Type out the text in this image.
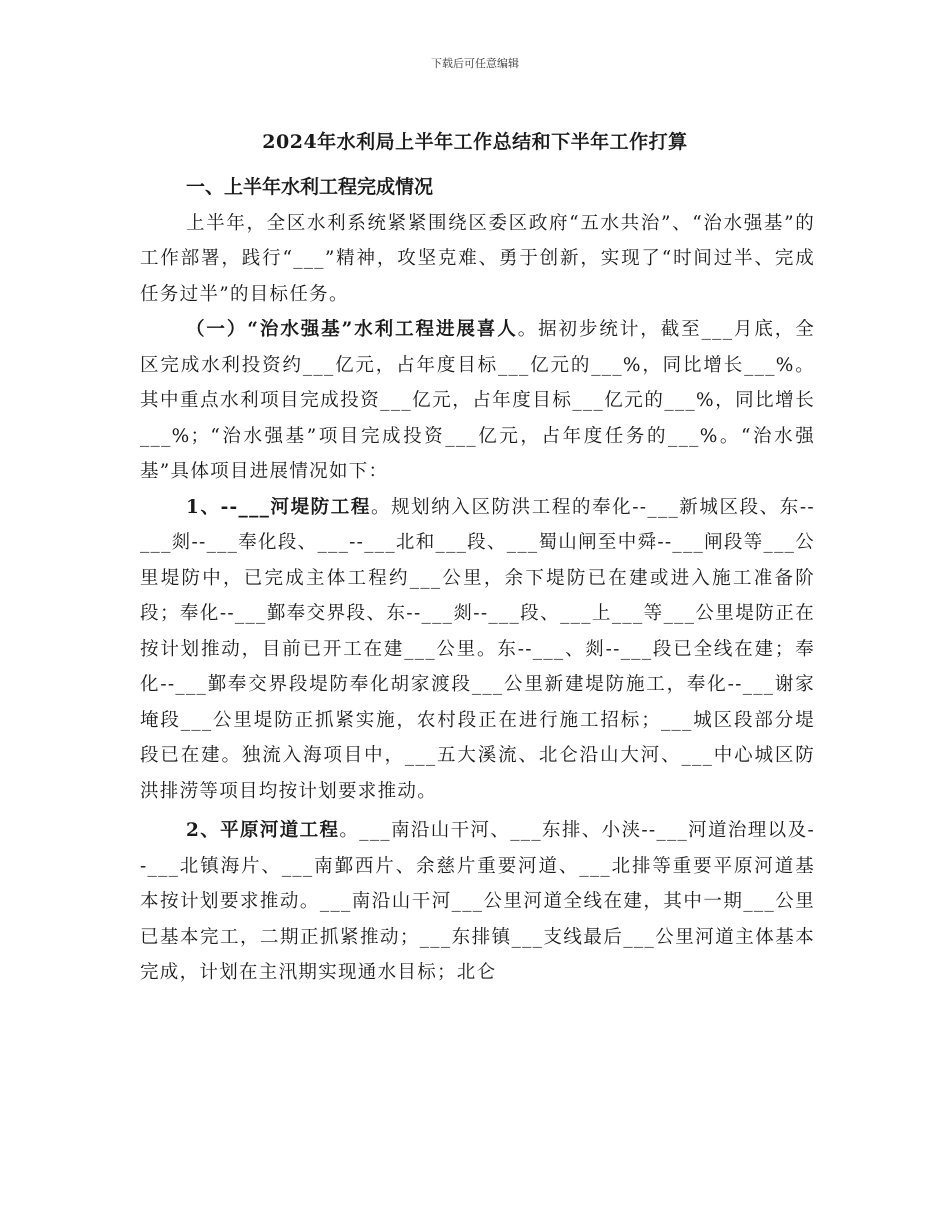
下载后可任意编辑
2024年水利局上半年工作总结和下半年工作打算

一、上半年水利工程完成情况

上半年，全区水利系统紧紧围绕区委区政府“五水共治”、“治水强基”的工作部署，践行“___”精神，攻坚克难、勇于创新，实现了“时间过半、完成任务过半”的目标任务。

（一）“治水强基”水利工程进展喜人。据初步统计，截至___月底，全区完成水利投资约___亿元，占年度目标___亿元的___%，同比增长___%。其中重点水利项目完成投资___亿元，占年度目标___亿元的___%，同比增长___%；“治水强基”项目完成投资___亿元，占年度任务的___%。“治水强基”具体项目进展情况如下：

1、--___河堤防工程。规划纳入区防洪工程的奉化--___新城区段、东--___剡--___奉化段、___--___北和___段、___蜀山闸至中舜--___闸段等___公里堤防中，已完成主体工程约___公里，余下堤防已在建或进入施工准备阶段；奉化--___鄞奉交界段、东--___剡--___段、___上___等___公里堤防正在按计划推动，目前已开工在建___公里。东--___、剡--___段已全线在建；奉化--___鄞奉交界段堤防奉化胡家渡段___公里新建堤防施工，奉化--___谢家埯段___公里堤防正抓紧实施，农村段正在进行施工招标；___城区段部分堤段已在建。独流入海项目中，___五大溪流、北仑沿山大河、___中心城区防洪排涝等项目均按计划要求推动。

2、平原河道工程。___南沿山干河、___东排、小浃--___河道治理以及--___北镇海片、___南鄞西片、余慈片重要河道、___北排等重要平原河道基本按计划要求推动。___南沿山干河___公里河道全线在建，其中一期___公里已基本完工，二期正抓紧推动；___东排镇___支线最后___公里河道主体基本完成，计划在主汛期实现通水目标；北仑
